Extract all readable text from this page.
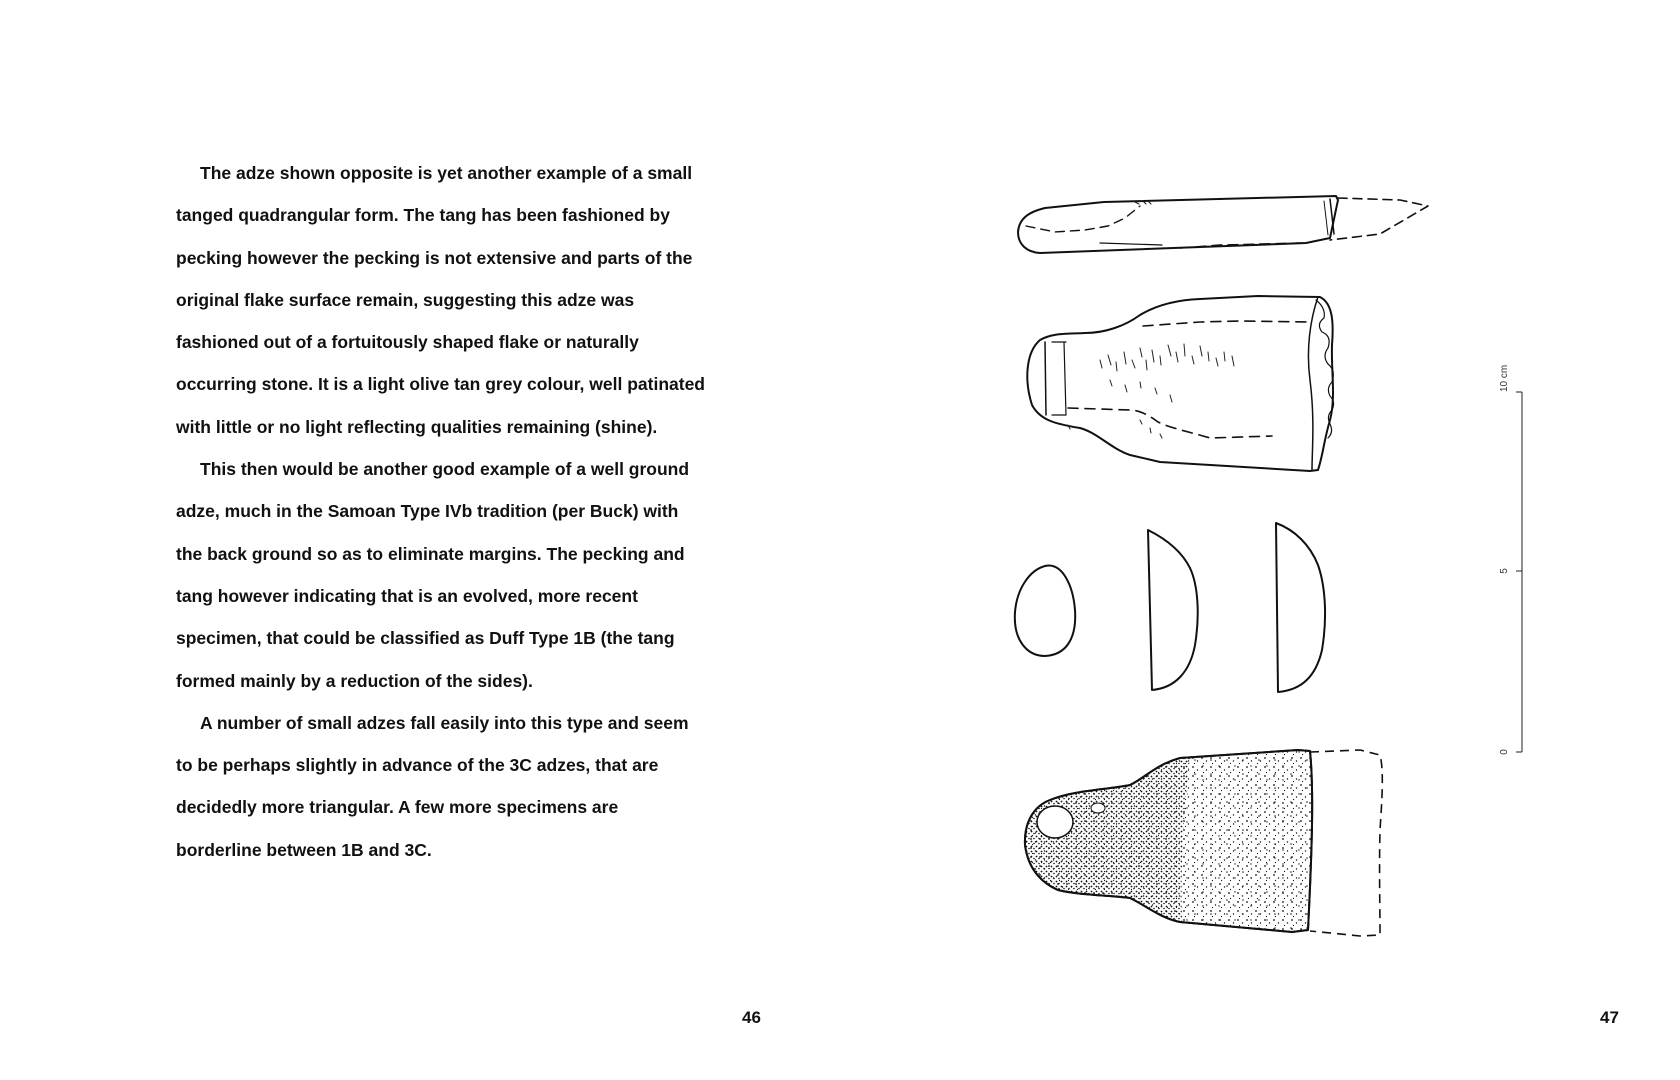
The adze shown opposite is yet another example of a small

tanged quadrangular form. The tang has been fashioned by

pecking however the pecking is not extensive and parts of the

original flake surface remain, suggesting this adze was

fashioned out of a fortuitously shaped flake or naturally

occurring stone. It is a light olive tan grey colour, well patinated

with little or no light reflecting qualities remaining (shine).

This then would be another good example of a well ground

adze, much in the Samoan Type IVb tradition (per Buck) with

the back ground so as to eliminate margins. The pecking and

tang however indicating that is an evolved, more recent

specimen, that could be classified as Duff Type 1B (the tang

formed mainly by a reduction of the sides).

A number of small adzes fall easily into this type and seem

to be perhaps slightly in advance of the 3C adzes, that are

decidedly more triangular. A few more specimens are

borderline between 1B and 3C.

46
0
5
10 cm
47
